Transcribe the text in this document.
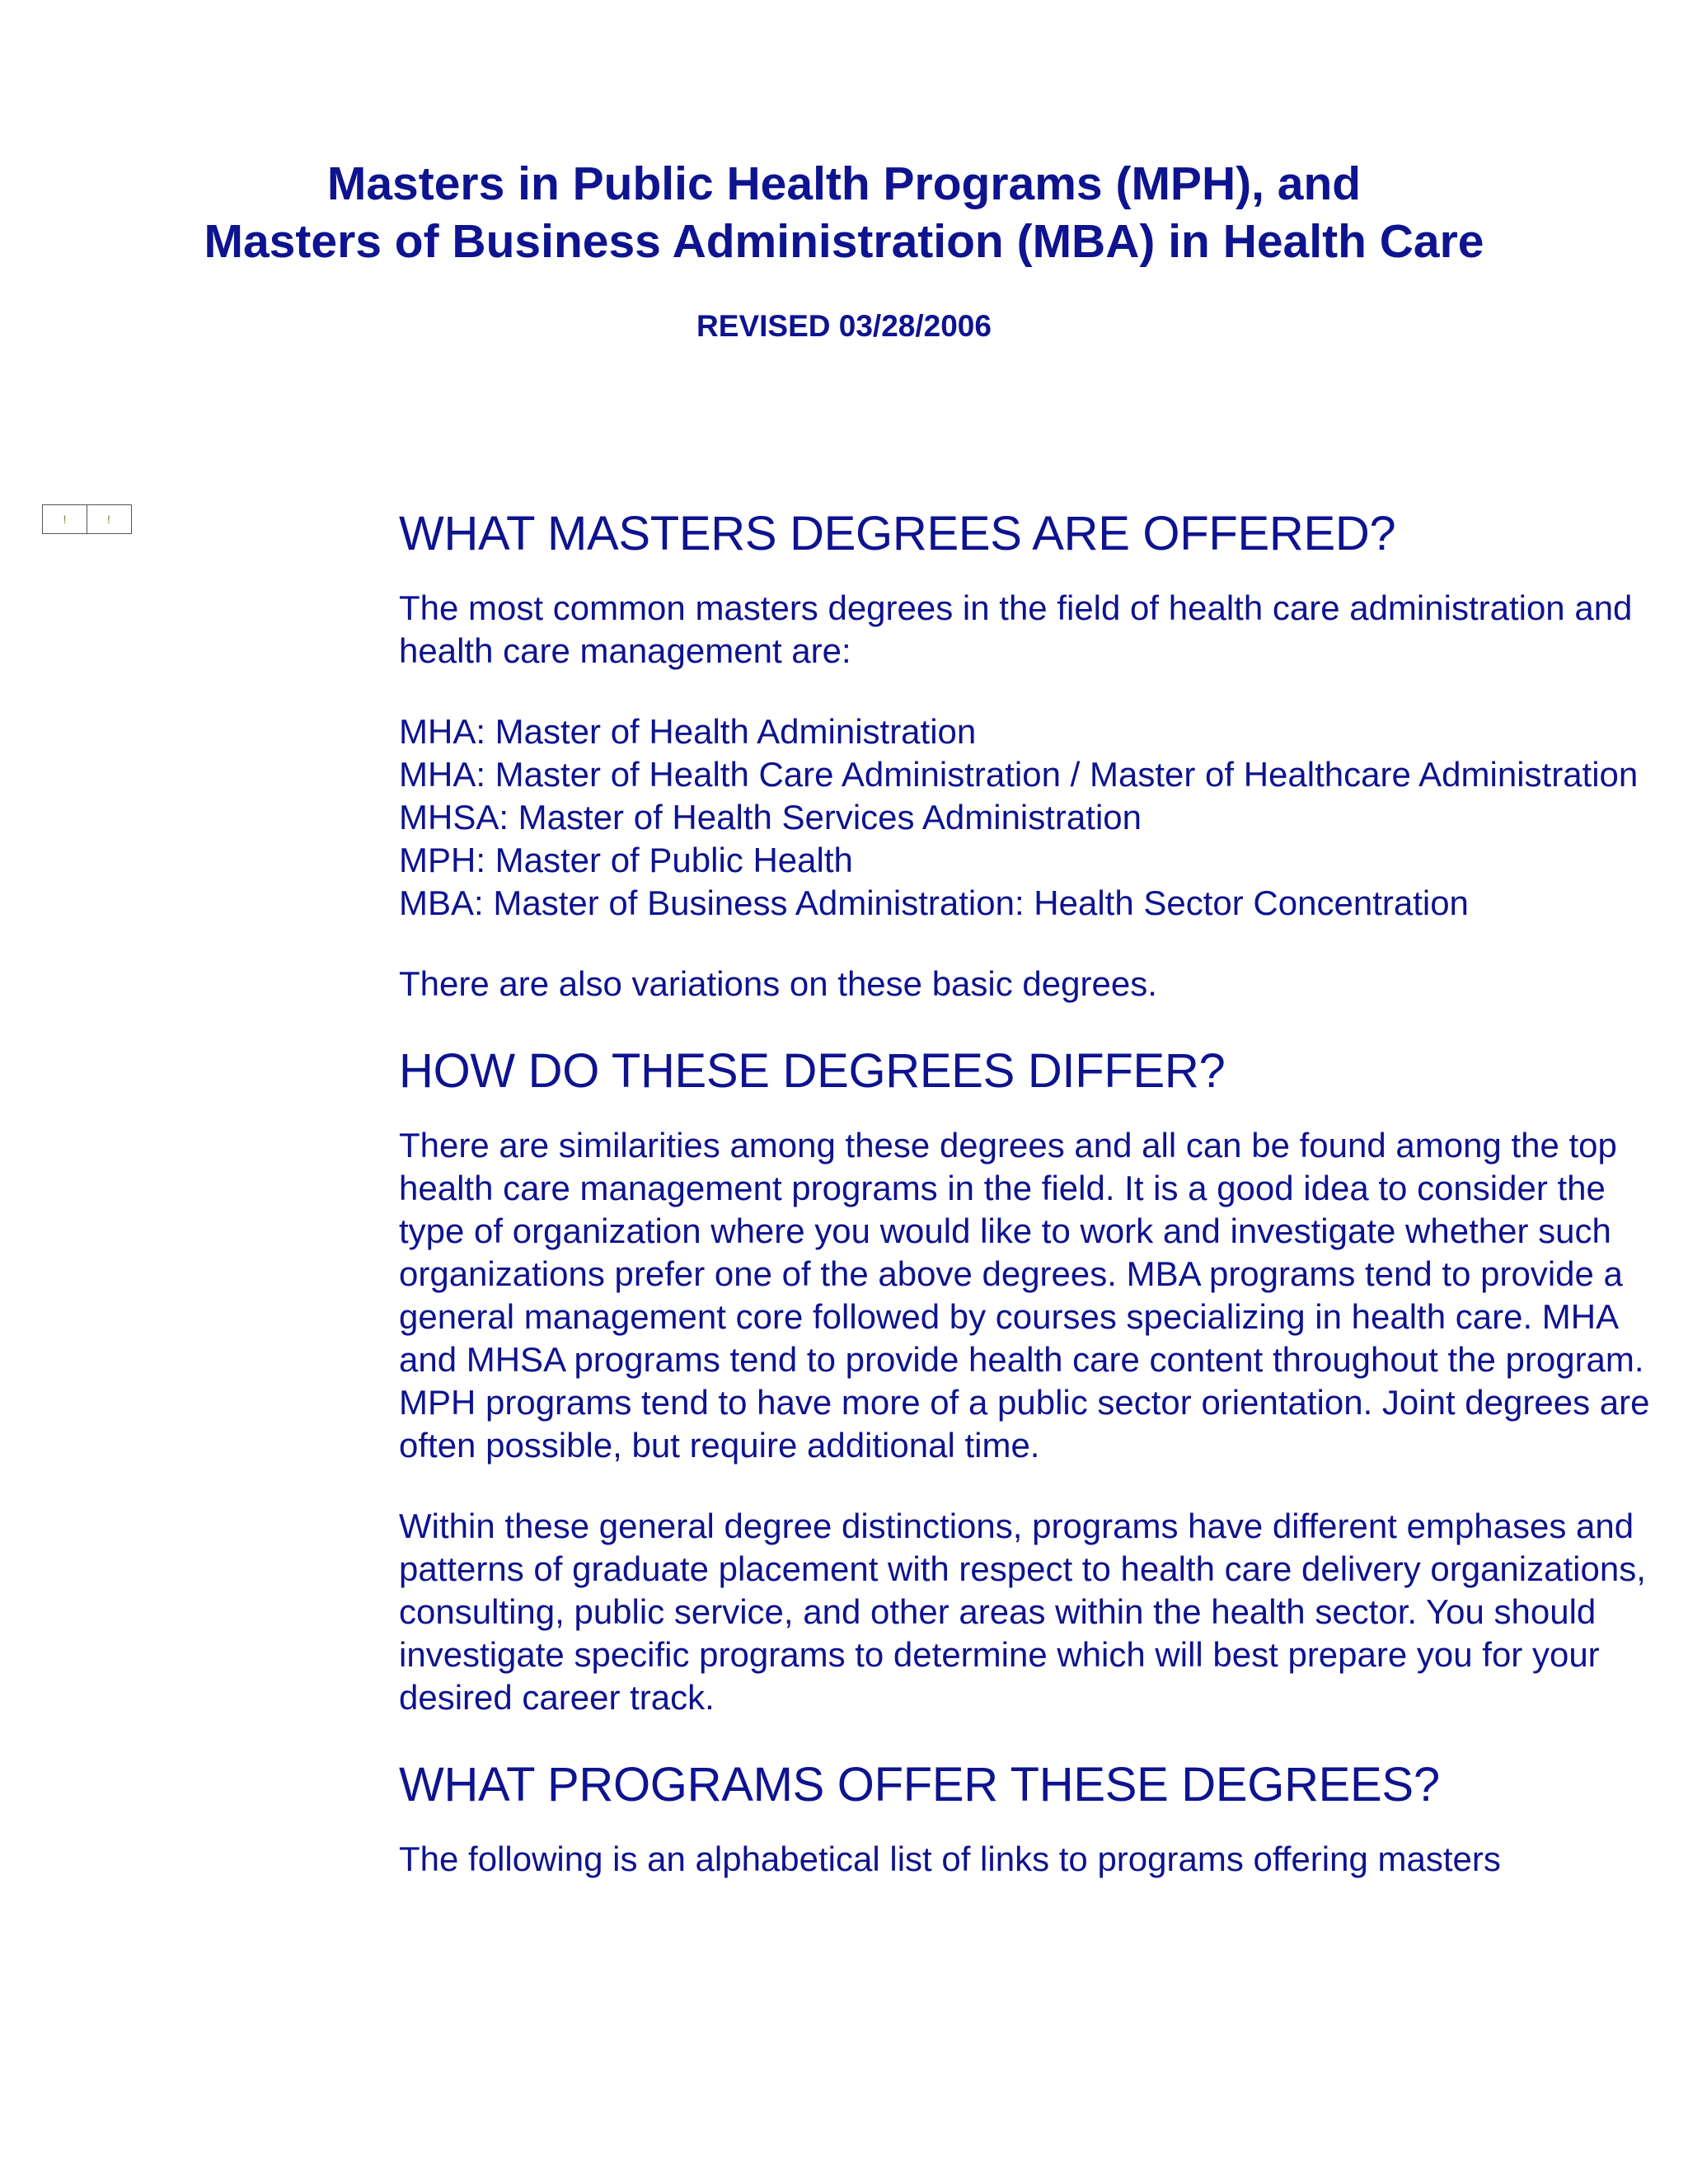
Masters in Public Health Programs (MPH), and

Masters of Business Administration (MBA) in Health Care

REVISED 03/28/2006

!	!	WHAT MASTERS DEGREES ARE OFFERED?

The most common masters degrees in the field of health care administration and health care management are:

MHA: Master of Health Administration
MHA: Master of Health Care Administration / Master of Healthcare Administration
MHSA: Master of Health Services Administration
MPH: Master of Public Health
MBA: Master of Business Administration: Health Sector Concentration

There are also variations on these basic degrees.

HOW DO THESE DEGREES DIFFER?

There are similarities among these degrees and all can be found among the top health care management programs in the field. It is a good idea to consider the type of organization where you would like to work and investigate whether such organizations prefer one of the above degrees. MBA programs tend to provide a general management core followed by courses specializing in health care. MHA and MHSA programs tend to provide health care content throughout the program. MPH programs tend to have more of a public sector orientation. Joint degrees are often possible, but require additional time.

Within these general degree distinctions, programs have different emphases and patterns of graduate placement with respect to health care delivery organizations, consulting, public service, and other areas within the health sector. You should investigate specific programs to determine which will best prepare you for your desired career track.

WHAT PROGRAMS OFFER THESE DEGREES?

The following is an alphabetical list of links to programs offering masters
